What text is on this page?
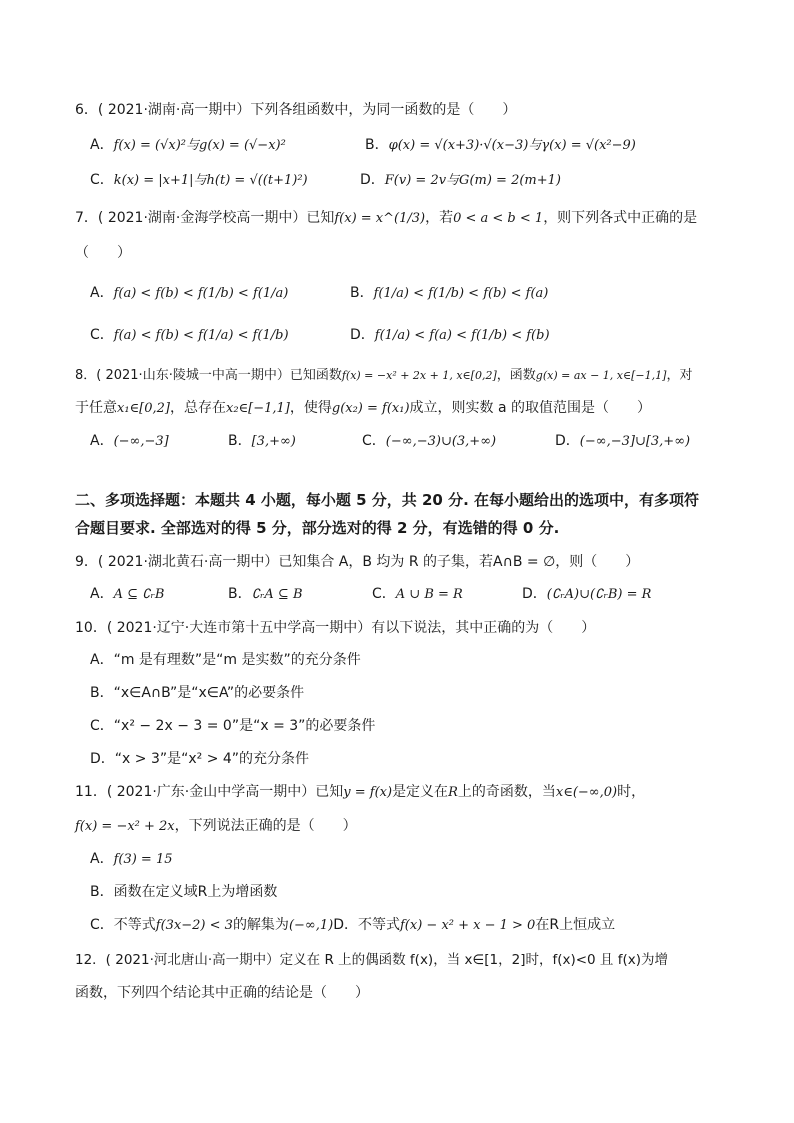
6．( 2021·湖南·高一期中）下列各组函数中，为同一函数的是（　　）
A．f(x) = (√x)²与g(x) = (√−x)²	B．φ(x) = √(x+3)·√(x−3)与γ(x) = √(x²−9)
C．k(x) = |x+1|与h(t) = √((t+1)²)	D．F(v) = 2v与G(m) = 2(m+1)
7．( 2021·湖南·金海学校高一期中）已知f(x) = x^(1/3)，若0 < a < b < 1，则下列各式中正确的是
（　　）
A．f(a) < f(b) < f(1/b) < f(1/a)	B．f(1/a) < f(1/b) < f(b) < f(a)
C．f(a) < f(b) < f(1/a) < f(1/b)	D．f(1/a) < f(a) < f(1/b) < f(b)
8．( 2021·山东·陵城一中高一期中）已知函数f(x) = −x² + 2x + 1, x∈[0,2]，函数g(x) = ax − 1, x∈[−1,1]，对
于任意x₁∈[0,2]，总存在x₂∈[−1,1]，使得g(x₂) = f(x₁)成立，则实数 a 的取值范围是（　　）
A．(−∞,−3]	B．[3,+∞)	C．(−∞,−3)∪(3,+∞)	D．(−∞,−3]∪[3,+∞)
二、多项选择题：本题共 4 小题，每小题 5 分，共 20 分. 在每小题给出的选项中，有多项符
合题目要求. 全部选对的得 5 分，部分选对的得 2 分，有选错的得 0 分.
9．( 2021·湖北黄石·高一期中）已知集合 A，B 均为 R 的子集，若A∩B = ∅，则（　　）
A．A ⊆ ∁ᵣB	B．∁ᵣA ⊆ B	C．A ∪ B = R	D．(∁ᵣA)∪(∁ᵣB) = R
10．( 2021·辽宁·大连市第十五中学高一期中）有以下说法，其中正确的为（　　）
A．“m 是有理数”是“m 是实数”的充分条件
B．“x∈A∩B”是“x∈A”的必要条件
C．“x² − 2x − 3 = 0”是“x = 3”的必要条件
D．“x > 3”是“x² > 4”的充分条件
11．( 2021·广东·金山中学高一期中）已知y = f(x)是定义在R上的奇函数，当x∈(−∞,0)时，
f(x) = −x² + 2x，下列说法正确的是（　　）
A．f(3) = 15
B．函数在定义域R上为增函数
C．不等式f(3x−2) < 3的解集为(−∞,1)D．不等式f(x) − x² + x − 1 > 0在R上恒成立
12．( 2021·河北唐山·高一期中）定义在 R 上的偶函数 f(x)，当 x∈[1，2]时，f(x)<0 且 f(x)为增
函数，下列四个结论其中正确的结论是（　　）
